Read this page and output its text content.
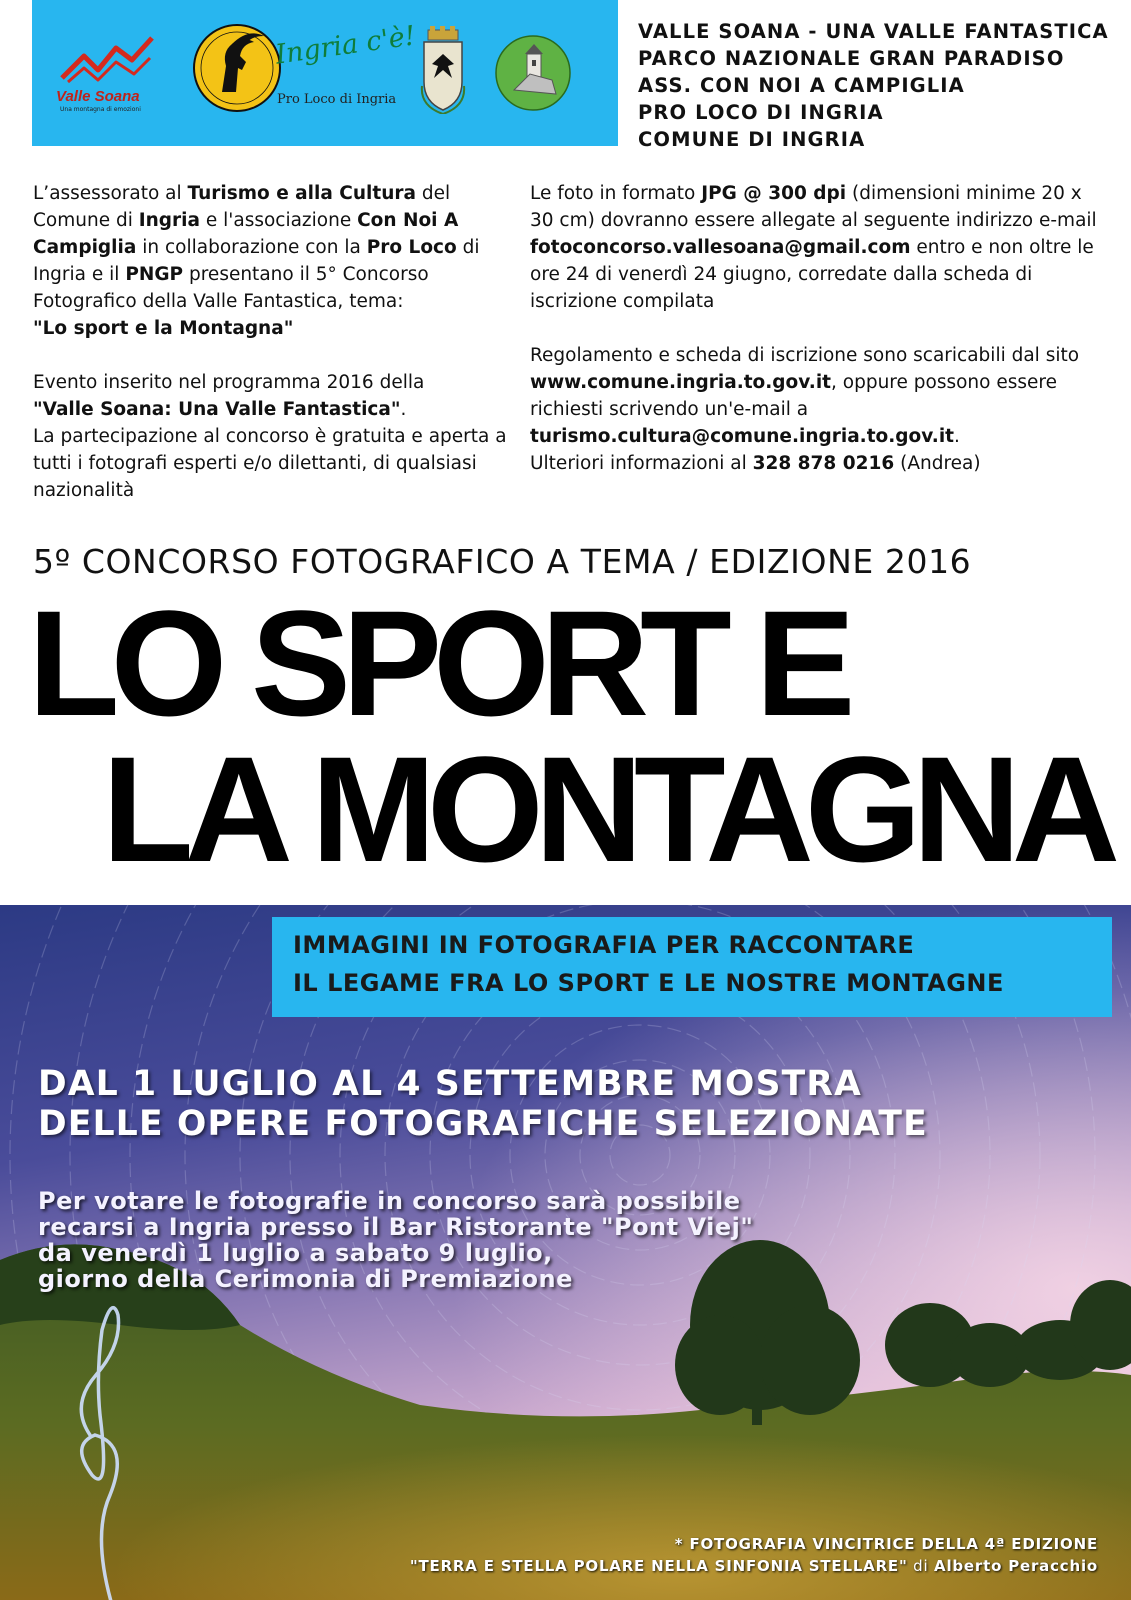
Valle Soana
Una montagna di emozioni
Ingria c'è!
Pro Loco di Ingria
VALLE SOANA - UNA VALLE FANTASTICA
PARCO NAZIONALE GRAN PARADISO
ASS. CON NOI A CAMPIGLIA
PRO LOCO DI INGRIA
COMUNE DI INGRIA

L’assessorato al Turismo e alla Cultura del Comune di Ingria e l'associazione Con Noi A Campiglia in collaborazione con la Pro Loco di Ingria e il PNGP presentano il 5° Concorso Fotografico della Valle Fantastica, tema:
"Lo sport e la Montagna"

Evento inserito nel programma 2016 della
"Valle Soana: Una Valle Fantastica".
La partecipazione al concorso è gratuita e aperta a tutti i fotografi esperti e/o dilettanti, di qualsiasi nazionalità

Le foto in formato JPG @ 300 dpi (dimensioni minime 20 x 30 cm) dovranno essere allegate al seguente indirizzo e-mail fotoconcorso.vallesoana@gmail.com entro e non oltre le ore 24 di venerdì 24 giugno, corredate dalla scheda di iscrizione compilata

Regolamento e scheda di iscrizione sono scaricabili dal sito www.comune.ingria.to.gov.it, oppure possono essere richiesti scrivendo un'e-mail a
turismo.cultura@comune.ingria.to.gov.it.
Ulteriori informazioni al 328 878 0216 (Andrea)

5º CONCORSO FOTOGRAFICO A TEMA / EDIZIONE 2016
LO SPORT E
LA MONTAGNA
IMMAGINI IN FOTOGRAFIA PER RACCONTARE
IL LEGAME FRA LO SPORT E LE NOSTRE MONTAGNE
DAL 1 LUGLIO AL 4 SETTEMBRE MOSTRA
DELLE OPERE FOTOGRAFICHE SELEZIONATE
Per votare le fotografie in concorso sarà possibile
recarsi a Ingria presso il Bar Ristorante "Pont Viej"
da venerdì 1 luglio a sabato 9 luglio,
giorno della Cerimonia di Premiazione
* FOTOGRAFIA VINCITRICE DELLA 4ª EDIZIONE
"TERRA E STELLA POLARE NELLA SINFONIA STELLARE" di Alberto Peracchio
